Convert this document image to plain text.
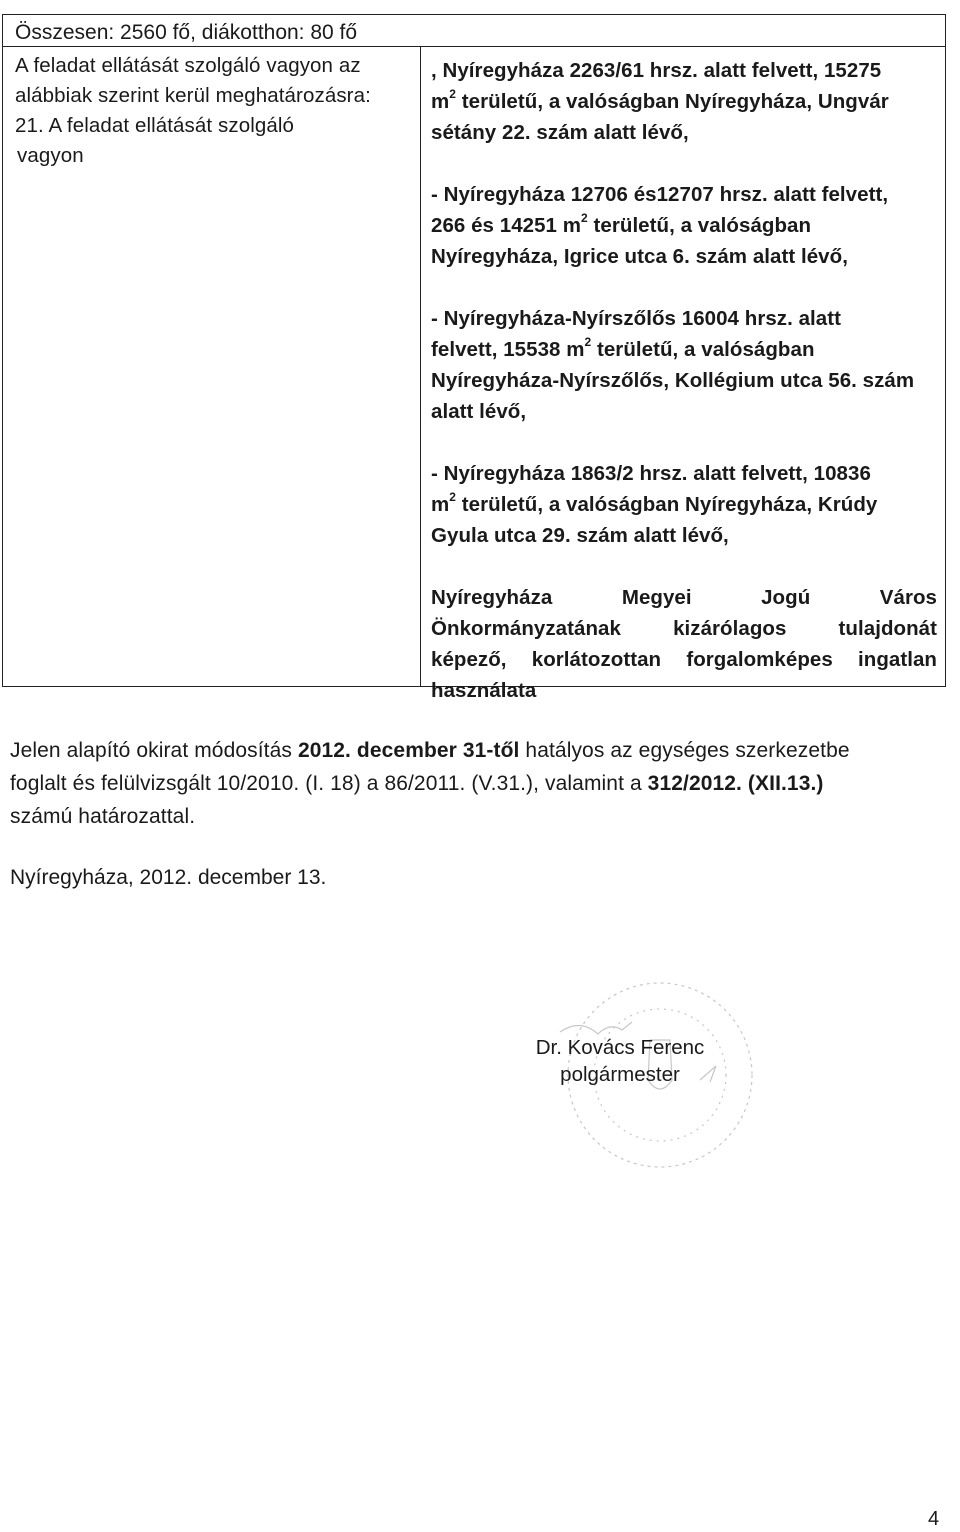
Összesen: 2560 fő, diákotthon: 80 fő
A feladat ellátását szolgáló vagyon az
alábbiak szerint kerül meghatározásra:
21. A feladat ellátását szolgáló
vagyon
, Nyíregyháza 2263/61 hrsz. alatt felvett, 15275
$m^2$ területű, a valóságban Nyíregyháza, Ungvár
sétány 22. szám alatt lévő,
- Nyíregyháza 12706 és12707 hrsz. alatt felvett,
266 és 14251 $m^2$ területű, a valóságban
Nyíregyháza, Igrice utca 6. szám alatt lévő,
- Nyíregyháza-Nyírszőlős 16004 hrsz. alatt
felvett, 15538 $m^2$ területű, a valóságban
Nyíregyháza-Nyírszőlős, Kollégium utca 56. szám
alatt lévő,
- Nyíregyháza 1863/2 hrsz. alatt felvett, 10836
$m^2$ területű, a valóságban Nyíregyháza, Krúdy
Gyula utca 29. szám alatt lévő,
Nyíregyháza Megyei Jogú Város
Önkormányzatának kizárólagos tulajdonát
képező, korlátozottan forgalomképes ingatlan
használata
Jelen alapító okirat módosítás 2012. december 31-től hatályos az egységes szerkezetbe
foglalt és felülvizsgált 10/2010. (I. 18) a 86/2011. (V.31.), valamint a 312/2012. (XII.13.)
számú határozattal.
Nyíregyháza, 2012. december 13.
Dr. Kovács Ferenc
polgármester
4
